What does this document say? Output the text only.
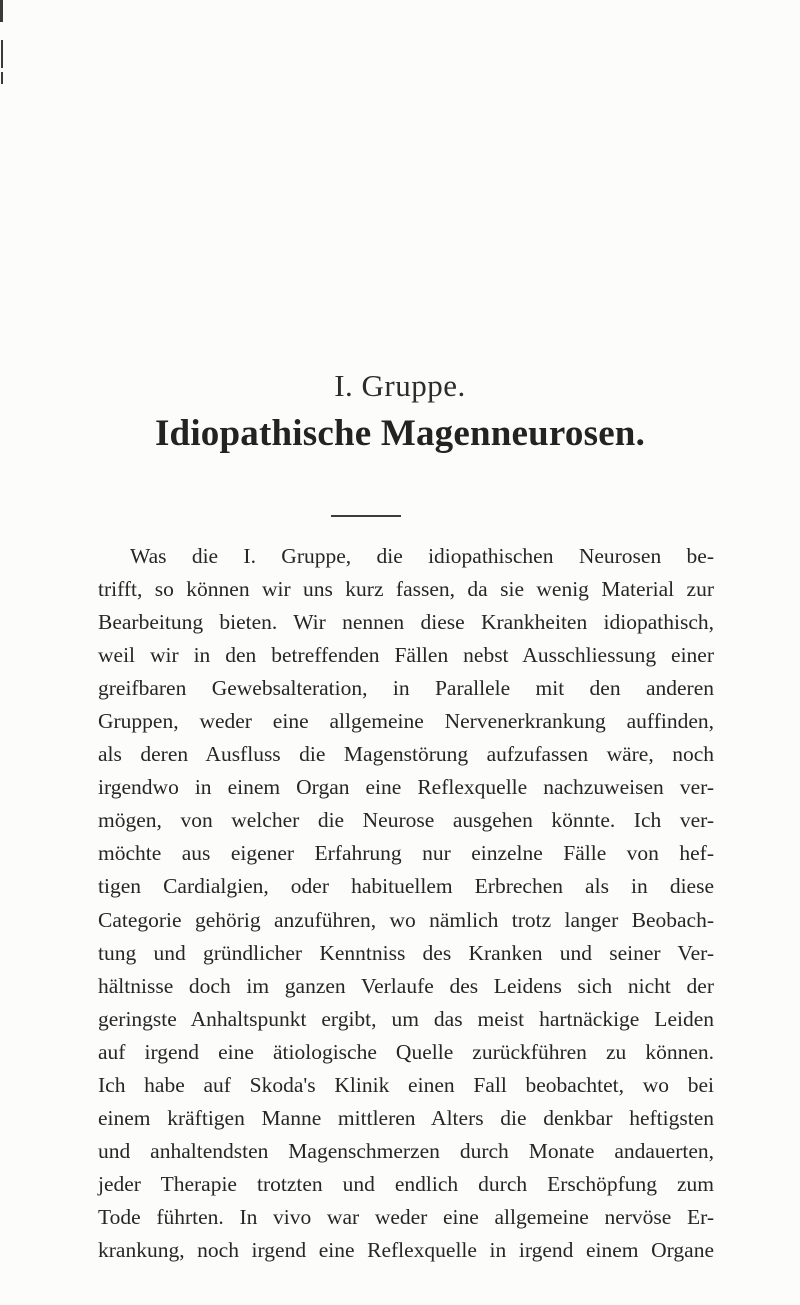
I. Gruppe.
Idiopathische Magenneurosen.
Was die I. Gruppe, die idiopathischen Neurosen be-
trifft, so können wir uns kurz fassen, da sie wenig Material zur
Bearbeitung bieten. Wir nennen diese Krankheiten idiopathisch,
weil wir in den betreffenden Fällen nebst Ausschliessung einer
greifbaren Gewebsalteration, in Parallele mit den anderen
Gruppen, weder eine allgemeine Nervenerkrankung auffinden,
als deren Ausfluss die Magenstörung aufzufassen wäre, noch
irgendwo in einem Organ eine Reflexquelle nachzuweisen ver-
mögen, von welcher die Neurose ausgehen könnte. Ich ver-
möchte aus eigener Erfahrung nur einzelne Fälle von hef-
tigen Cardialgien, oder habituellem Erbrechen als in diese
Categorie gehörig anzuführen, wo nämlich trotz langer Beobach-
tung und gründlicher Kenntniss des Kranken und seiner Ver-
hältnisse doch im ganzen Verlaufe des Leidens sich nicht der
geringste Anhaltspunkt ergibt, um das meist hartnäckige Leiden
auf irgend eine ätiologische Quelle zurückführen zu können.
Ich habe auf Skoda's Klinik einen Fall beobachtet, wo bei
einem kräftigen Manne mittleren Alters die denkbar heftigsten
und anhaltendsten Magenschmerzen durch Monate andauerten,
jeder Therapie trotzten und endlich durch Erschöpfung zum
Tode führten. In vivo war weder eine allgemeine nervöse Er-
krankung, noch irgend eine Reflexquelle in irgend einem Organe
